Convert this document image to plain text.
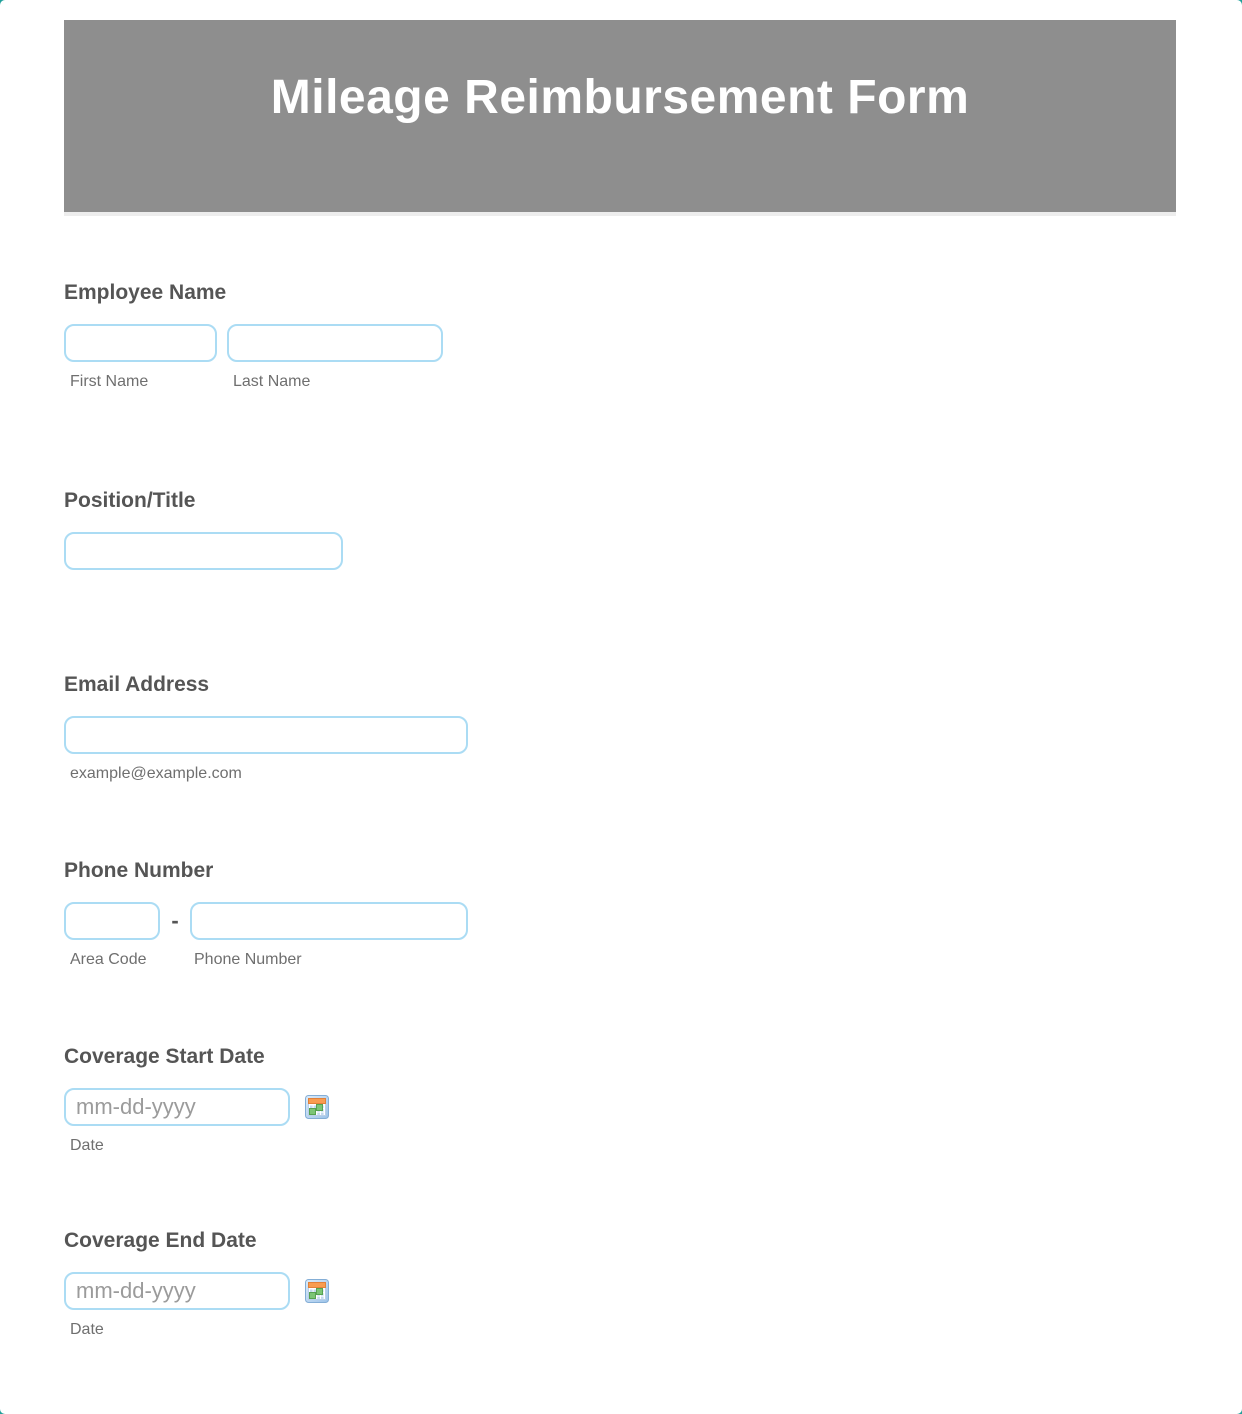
Mileage Reimbursement Form
Employee Name
First Name	Last Name
Position/Title
Email Address
example@example.com
Phone Number
-
Area Code	Phone Number
Coverage Start Date
mm-dd-yyyy
Date
Coverage End Date
mm-dd-yyyy
Date
